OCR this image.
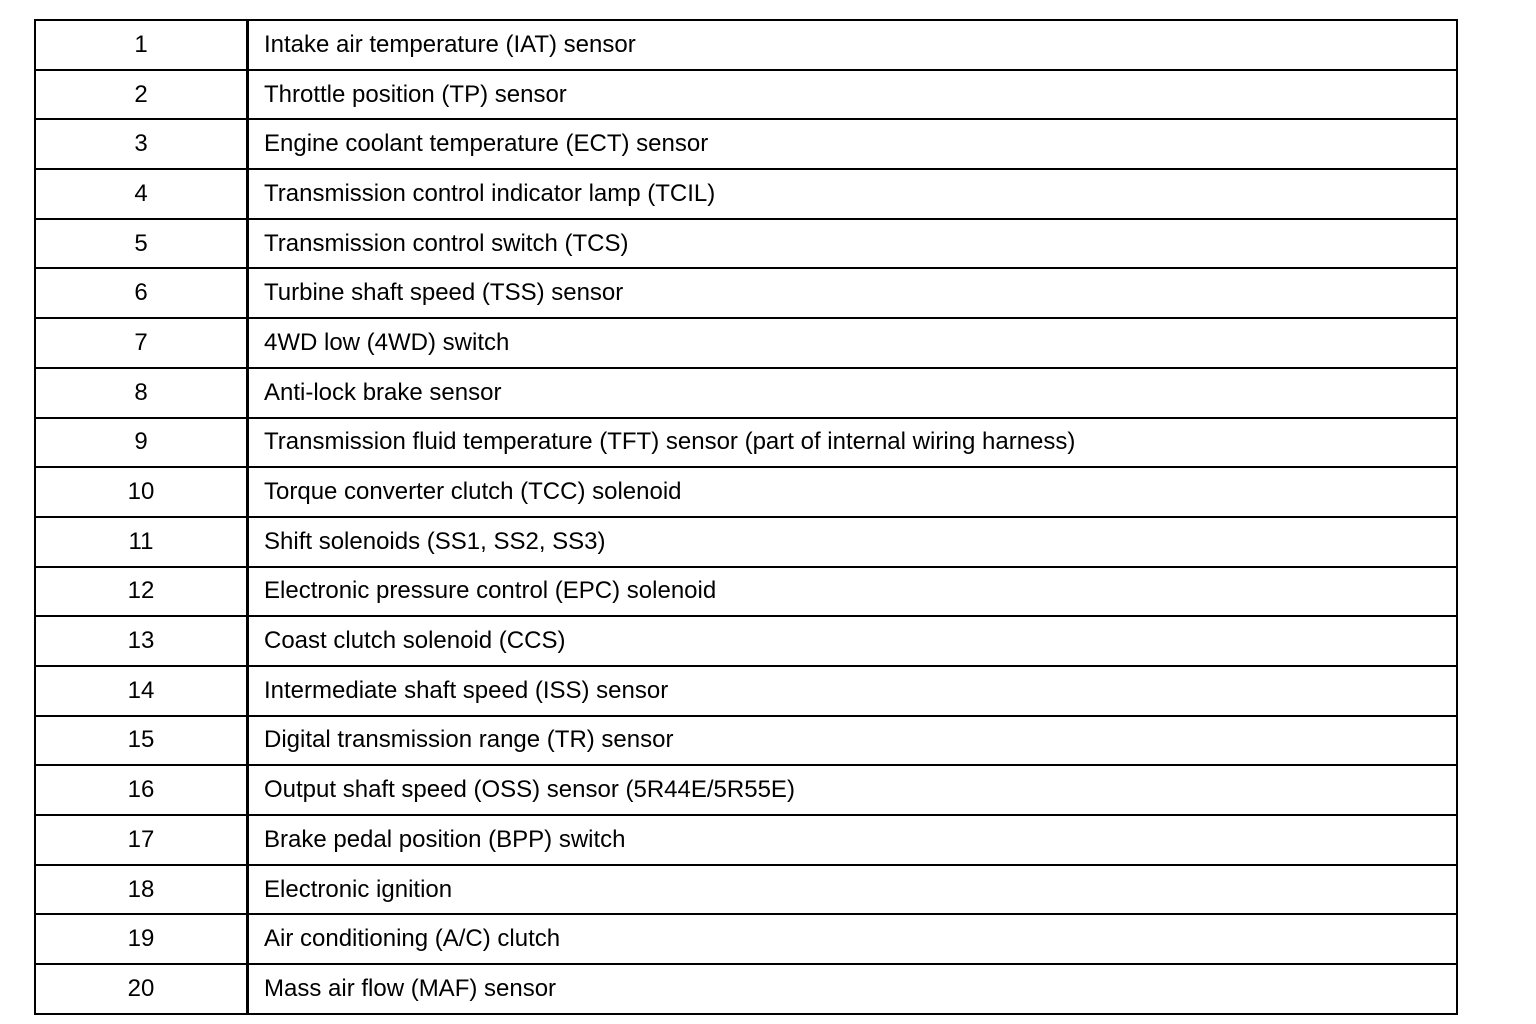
1	Intake air temperature (IAT) sensor
2	Throttle position (TP) sensor
3	Engine coolant temperature (ECT) sensor
4	Transmission control indicator lamp (TCIL)
5	Transmission control switch (TCS)
6	Turbine shaft speed (TSS) sensor
7	4WD low (4WD) switch
8	Anti-lock brake sensor
9	Transmission fluid temperature (TFT) sensor (part of internal wiring harness)
10	Torque converter clutch (TCC) solenoid
11	Shift solenoids (SS1, SS2, SS3)
12	Electronic pressure control (EPC) solenoid
13	Coast clutch solenoid (CCS)
14	Intermediate shaft speed (ISS) sensor
15	Digital transmission range (TR) sensor
16	Output shaft speed (OSS) sensor (5R44E/5R55E)
17	Brake pedal position (BPP) switch
18	Electronic ignition
19	Air conditioning (A/C) clutch
20	Mass air flow (MAF) sensor
